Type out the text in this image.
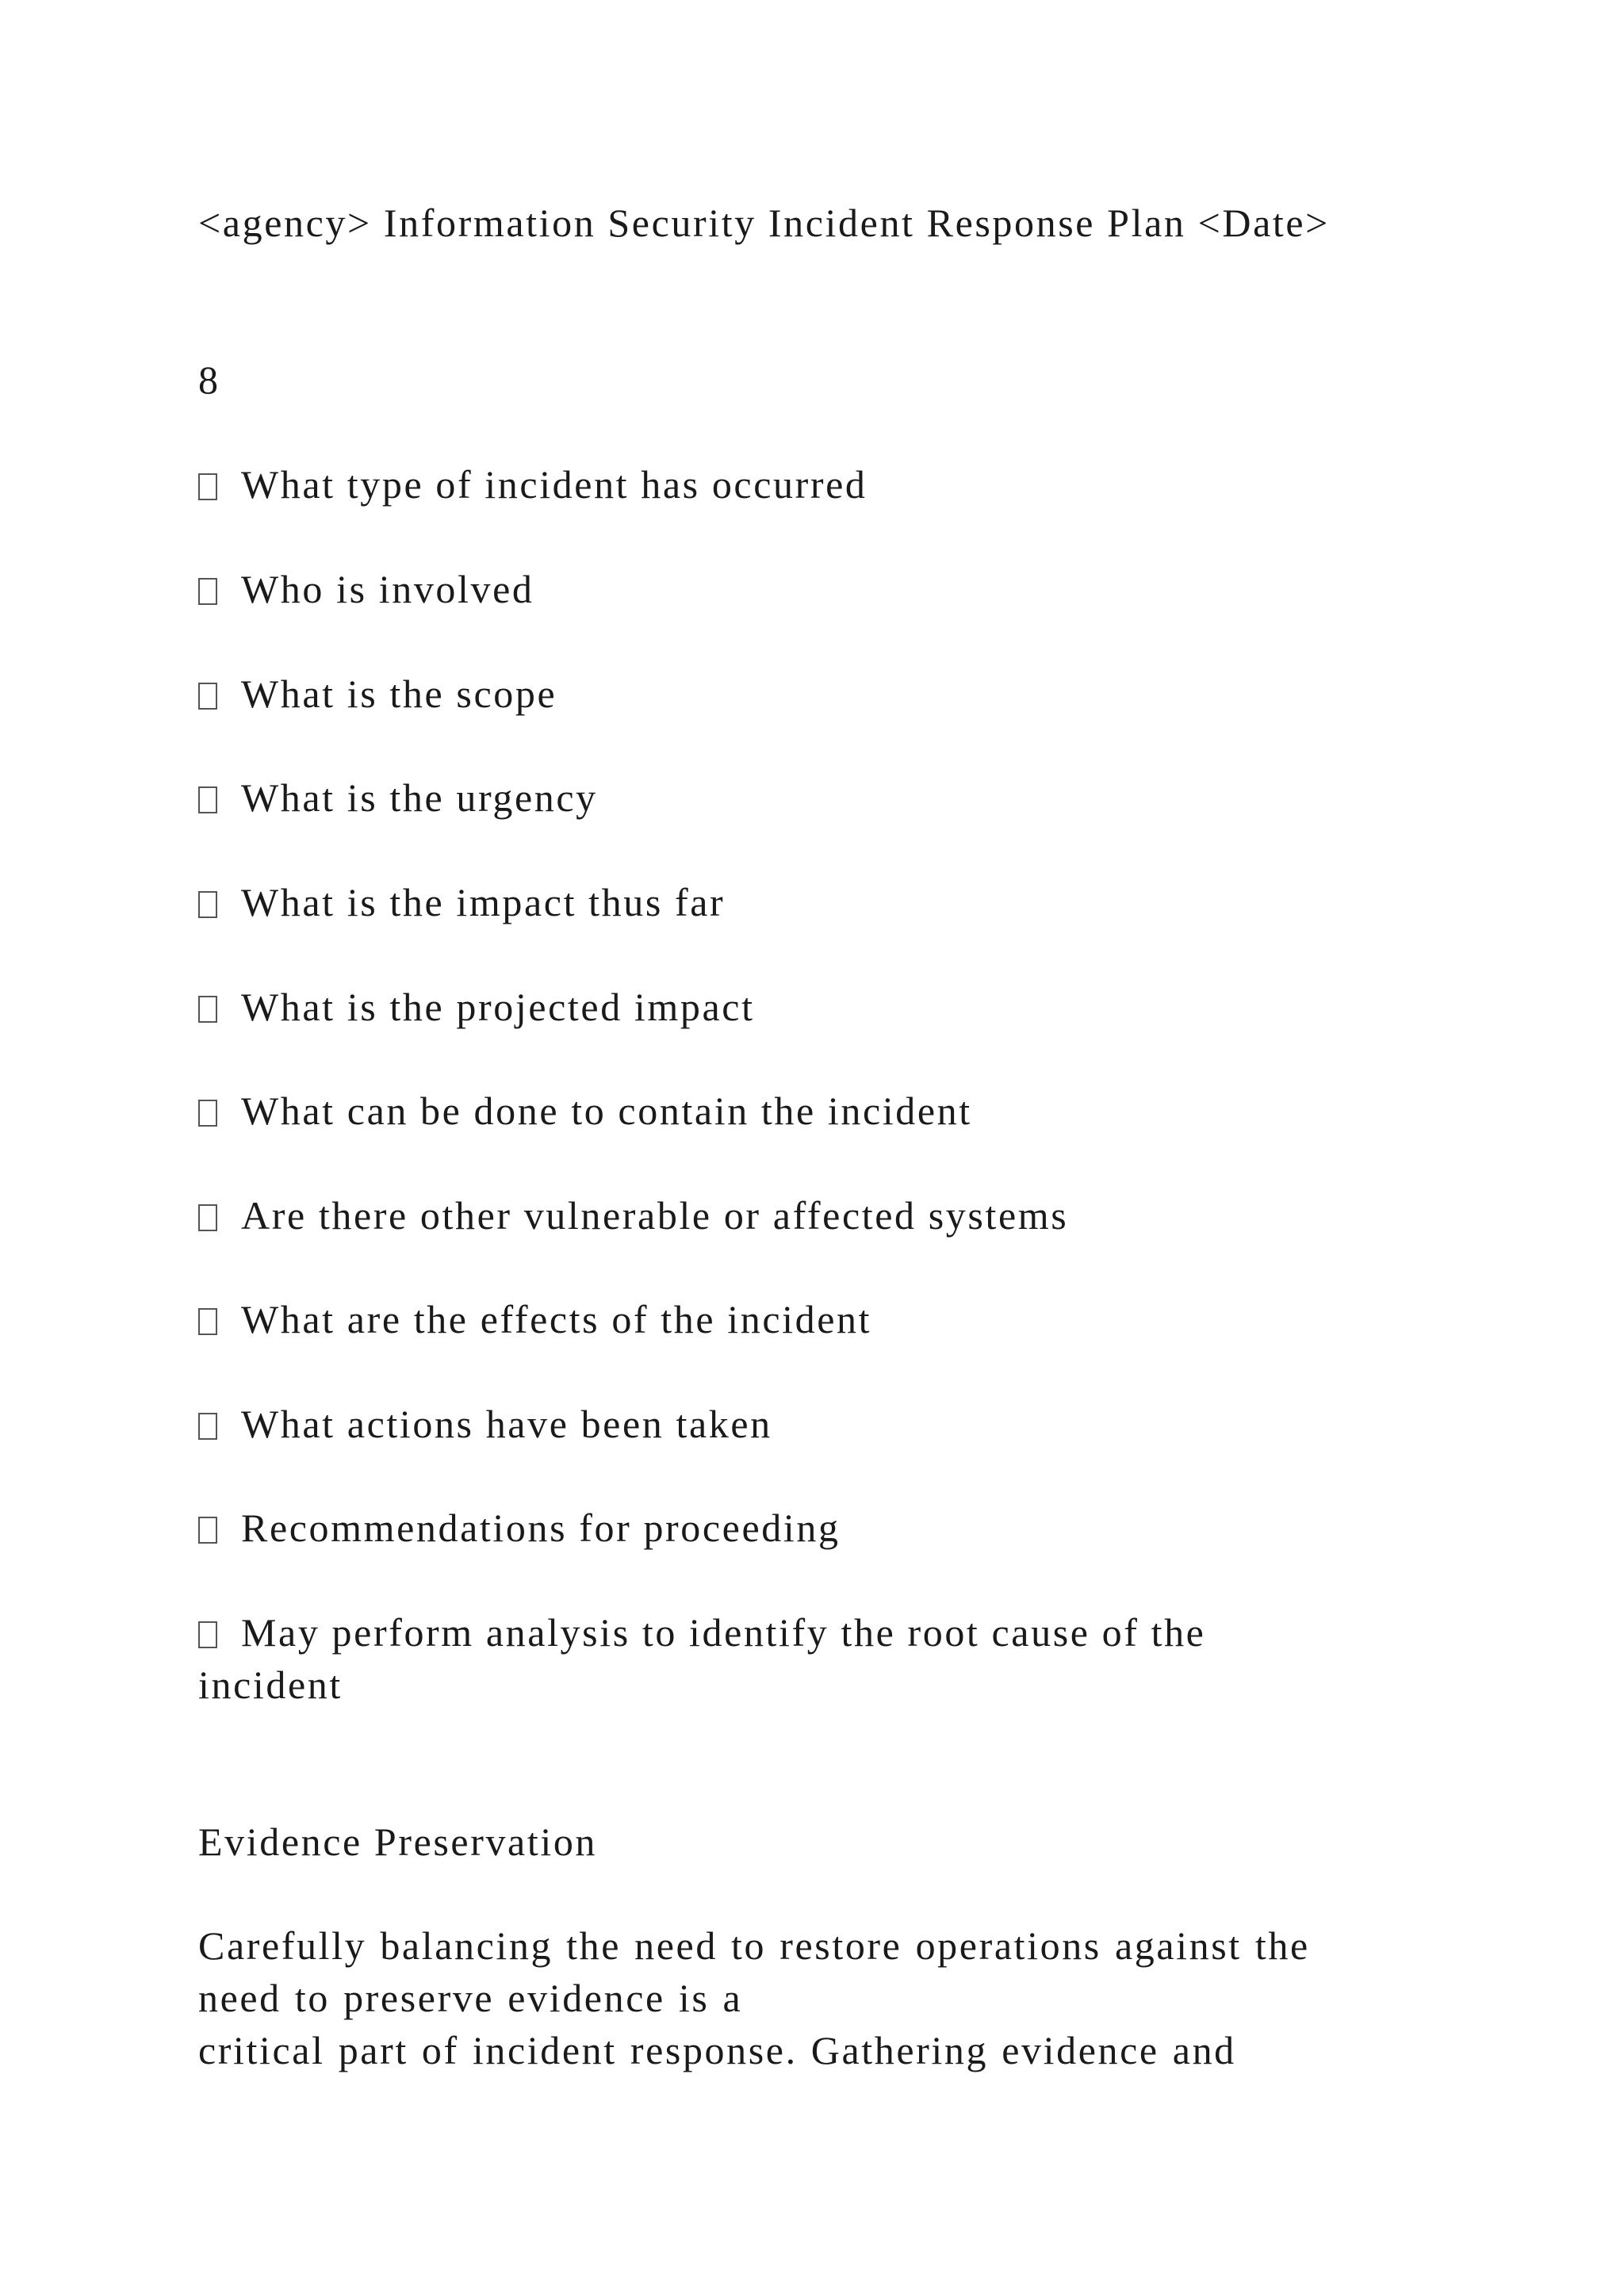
<agency> Information Security Incident Response Plan <Date>
8
What type of incident has occurred
Who is involved
What is the scope
What is the urgency
What is the impact thus far
What is the projected impact
What can be done to contain the incident
Are there other vulnerable or affected systems
What are the effects of the incident
What actions have been taken
Recommendations for proceeding
May perform analysis to identify the root cause of the
incident
Evidence Preservation
Carefully balancing the need to restore operations against the
need to preserve evidence is a
critical part of incident response. Gathering evidence and
